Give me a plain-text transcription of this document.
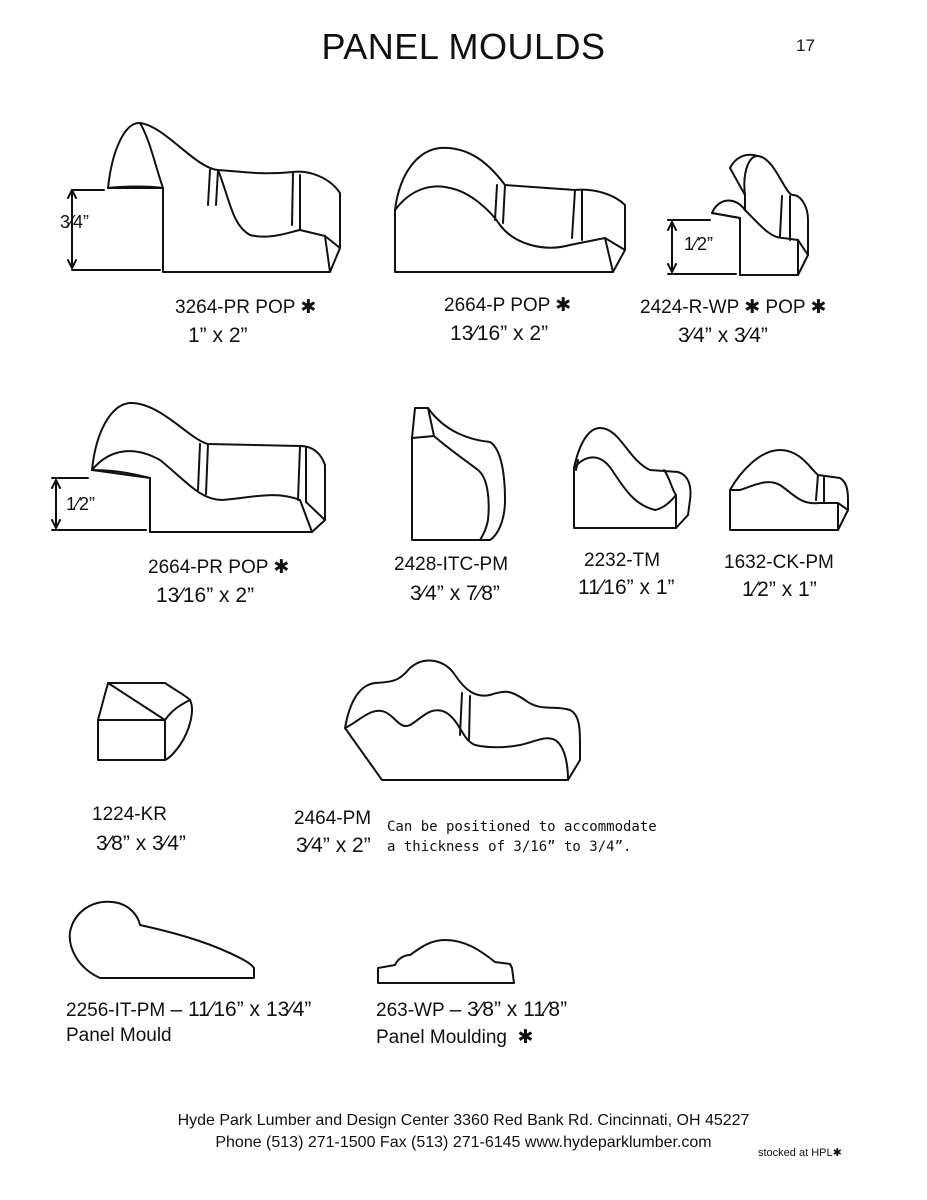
PANEL MOULDS	17
3⁄4”
1⁄2”
1⁄2”
3264-PR POP ✱
1” x 2”
2664-P POP ✱
13⁄16” x 2”
2424-R-WP ✱ POP ✱
3⁄4” x 3⁄4”
2664-PR POP ✱
13⁄16” x 2”
2428-ITC-PM
3⁄4” x 7⁄8”
2232-TM
11⁄16” x 1”
1632-CK-PM
1⁄2” x 1”
1224-KR
3⁄8” x 3⁄4”
2464-PM
3⁄4” x 2”
Can be positioned to accommodate
a thickness of 3/16” to 3/4”.
2256-IT-PM – 11⁄16” x 13⁄4”
Panel Mould
263-WP – 3⁄8” x 11⁄8”
Panel Moulding ✱
Hyde Park Lumber and Design Center 3360 Red Bank Rd. Cincinnati, OH 45227
Phone (513) 271-1500 Fax (513) 271-6145 www.hydeparklumber.com
stocked at HPL✱
